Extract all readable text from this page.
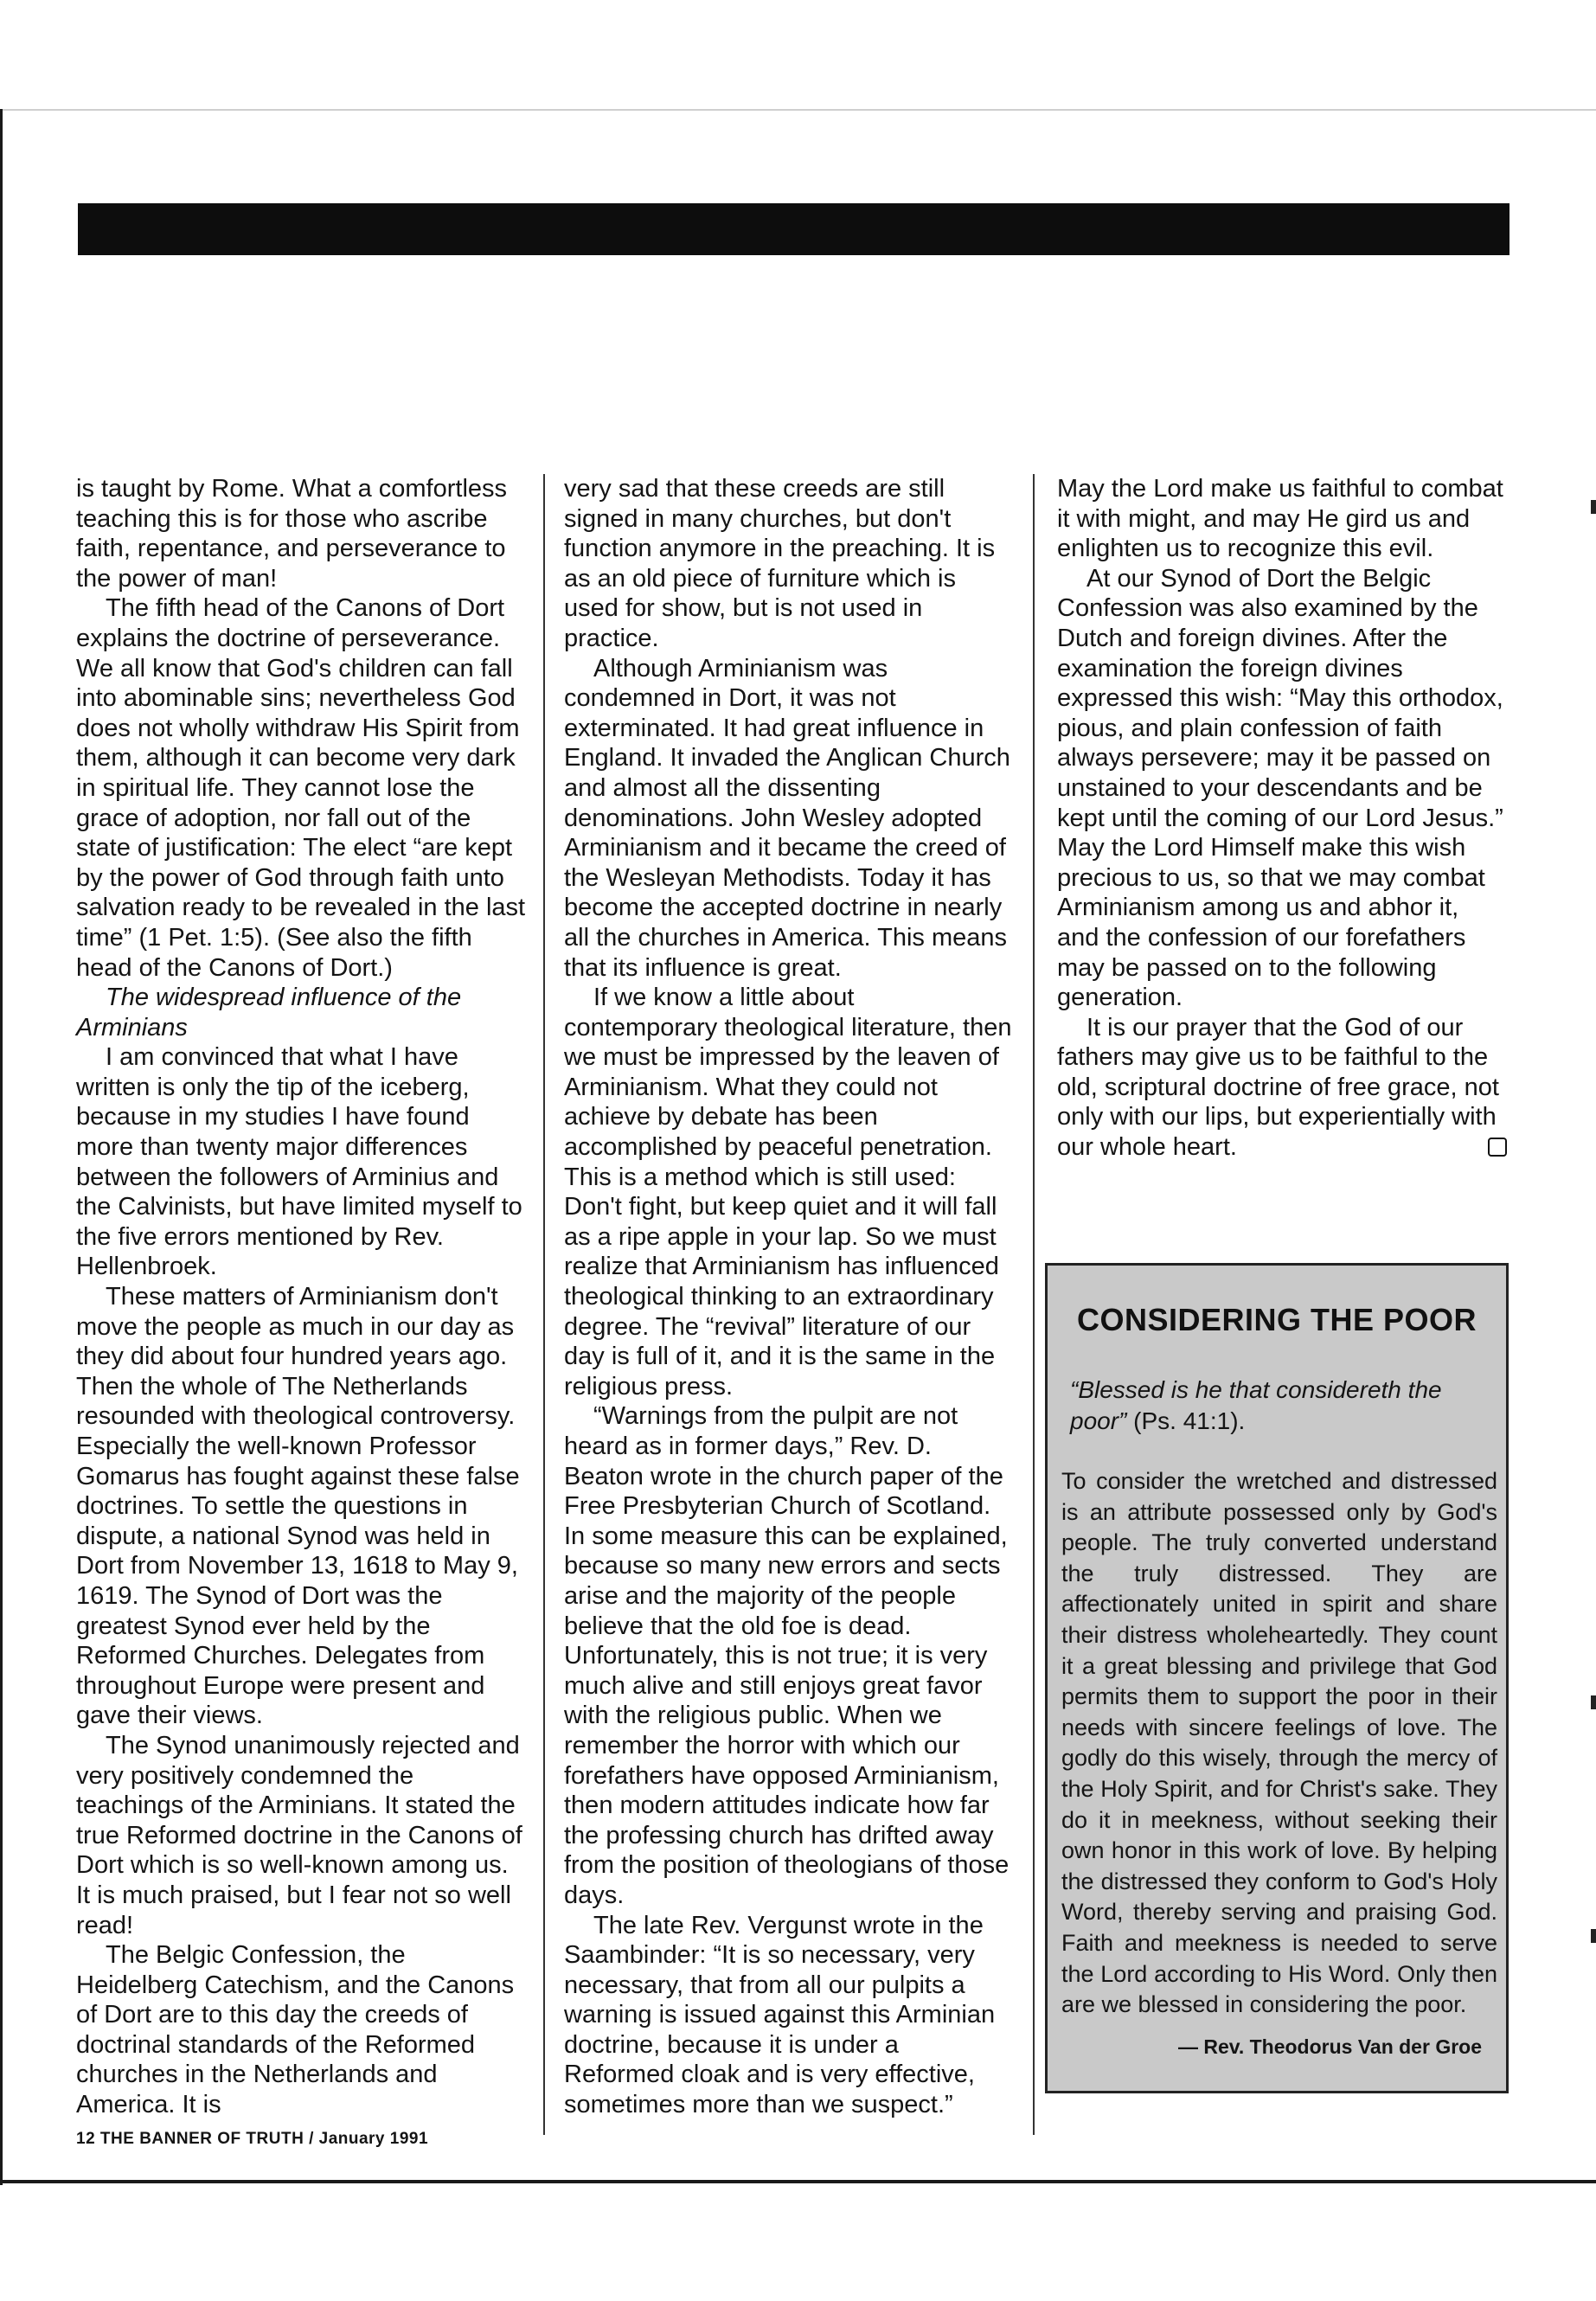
is taught by Rome. What a comfortless teaching this is for those who ascribe faith, repentance, and perseverance to the power of man!

The fifth head of the Canons of Dort explains the doctrine of perseverance. We all know that God's children can fall into abominable sins; nevertheless God does not wholly withdraw His Spirit from them, although it can become very dark in spiritual life. They cannot lose the grace of adoption, nor fall out of the state of justification: The elect “are kept by the power of God through faith unto salvation ready to be revealed in the last time” (1 Pet. 1:5). (See also the fifth head of the Canons of Dort.)

The widespread influence of the Arminians

I am convinced that what I have written is only the tip of the iceberg, because in my studies I have found more than twenty major differences between the followers of Arminius and the Calvinists, but have limited myself to the five errors mentioned by Rev. Hellenbroek.

These matters of Arminianism don't move the people as much in our day as they did about four hundred years ago. Then the whole of The Netherlands resounded with theological controversy. Especially the well-known Professor Gomarus has fought against these false doctrines. To settle the questions in dispute, a national Synod was held in Dort from November 13, 1618 to May 9, 1619. The Synod of Dort was the greatest Synod ever held by the Reformed Churches. Delegates from throughout Europe were present and gave their views.

The Synod unanimously rejected and very positively condemned the teachings of the Arminians. It stated the true Reformed doctrine in the Canons of Dort which is so well-known among us. It is much praised, but I fear not so well read!

The Belgic Confession, the Heidelberg Catechism, and the Canons of Dort are to this day the creeds of doctrinal standards of the Reformed churches in the Netherlands and America. It is

very sad that these creeds are still signed in many churches, but don't function anymore in the preaching. It is as an old piece of furniture which is used for show, but is not used in practice.

Although Arminianism was condemned in Dort, it was not exterminated. It had great influence in England. It invaded the Anglican Church and almost all the dissenting denominations. John Wesley adopted Arminianism and it became the creed of the Wesleyan Methodists. Today it has become the accepted doctrine in nearly all the churches in America. This means that its influence is great.

If we know a little about contemporary theological literature, then we must be impressed by the leaven of Arminianism. What they could not achieve by debate has been accomplished by peaceful penetration. This is a method which is still used: Don't fight, but keep quiet and it will fall as a ripe apple in your lap. So we must realize that Arminianism has influenced theological thinking to an extraordinary degree. The “revival” literature of our day is full of it, and it is the same in the religious press.

“Warnings from the pulpit are not heard as in former days,” Rev. D. Beaton wrote in the church paper of the Free Presbyterian Church of Scotland. In some measure this can be explained, because so many new errors and sects arise and the majority of the people believe that the old foe is dead. Unfortunately, this is not true; it is very much alive and still enjoys great favor with the religious public. When we remember the horror with which our forefathers have opposed Arminianism, then modern attitudes indicate how far the professing church has drifted away from the position of theologians of those days.

The late Rev. Vergunst wrote in the Saambinder: “It is so necessary, very necessary, that from all our pulpits a warning is issued against this Arminian doctrine, because it is under a Reformed cloak and is very effective, sometimes more than we suspect.”

May the Lord make us faithful to combat it with might, and may He gird us and enlighten us to recognize this evil.

At our Synod of Dort the Belgic Confession was also examined by the Dutch and foreign divines. After the examination the foreign divines expressed this wish: “May this orthodox, pious, and plain confession of faith always persevere; may it be passed on unstained to your descendants and be kept until the coming of our Lord Jesus.” May the Lord Himself make this wish precious to us, so that we may combat Arminianism among us and abhor it, and the confession of our forefathers may be passed on to the following generation.

It is our prayer that the God of our fathers may give us to be faithful to the old, scriptural doctrine of free grace, not only with our lips, but experientially with our whole heart.

CONSIDERING THE POOR
“Blessed is he that considereth the poor” (Ps. 41:1).

To consider the wretched and distressed is an attribute possessed only by God's people. The truly converted understand the truly distressed. They are affectionately united in spirit and share their distress wholeheartedly. They count it a great blessing and privilege that God permits them to support the poor in their needs with sincere feelings of love. The godly do this wisely, through the mercy of the Holy Spirit, and for Christ's sake. They do it in meekness, without seeking their own honor in this work of love. By helping the distressed they conform to God's Holy Word, thereby serving and praising God. Faith and meekness is needed to serve the Lord according to His Word. Only then are we blessed in considering the poor.

— Rev. Theodorus Van der Groe
12 THE BANNER OF TRUTH / January 1991
